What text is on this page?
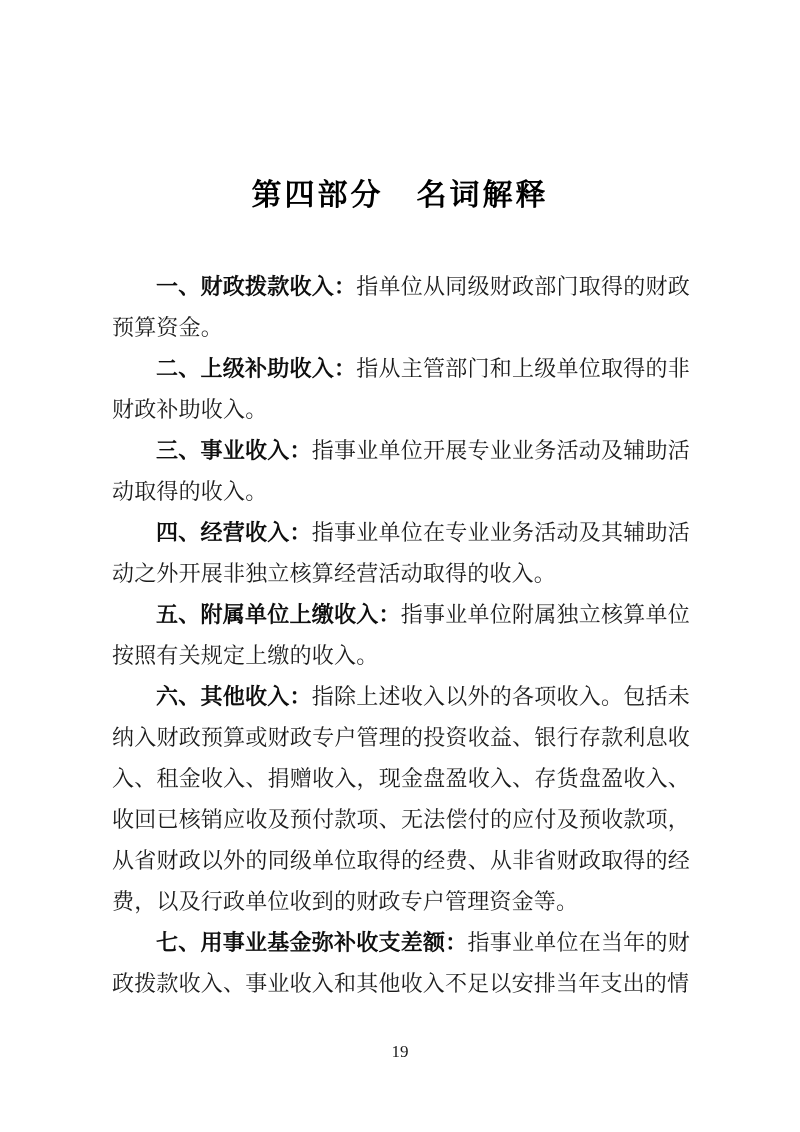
第四部分　名词解释

一、财政拨款收入：指单位从同级财政部门取得的财政预算资金。

二、上级补助收入：指从主管部门和上级单位取得的非财政补助收入。

三、事业收入：指事业单位开展专业业务活动及辅助活动取得的收入。

四、经营收入：指事业单位在专业业务活动及其辅助活动之外开展非独立核算经营活动取得的收入。

五、附属单位上缴收入：指事业单位附属独立核算单位按照有关规定上缴的收入。

六、其他收入：指除上述收入以外的各项收入。包括未纳入财政预算或财政专户管理的投资收益、银行存款利息收入、租金收入、捐赠收入，现金盘盈收入、存货盘盈收入、收回已核销应收及预付款项、无法偿付的应付及预收款项，从省财政以外的同级单位取得的经费、从非省财政取得的经费，以及行政单位收到的财政专户管理资金等。

七、用事业基金弥补收支差额：指事业单位在当年的财政拨款收入、事业收入和其他收入不足以安排当年支出的情

19
